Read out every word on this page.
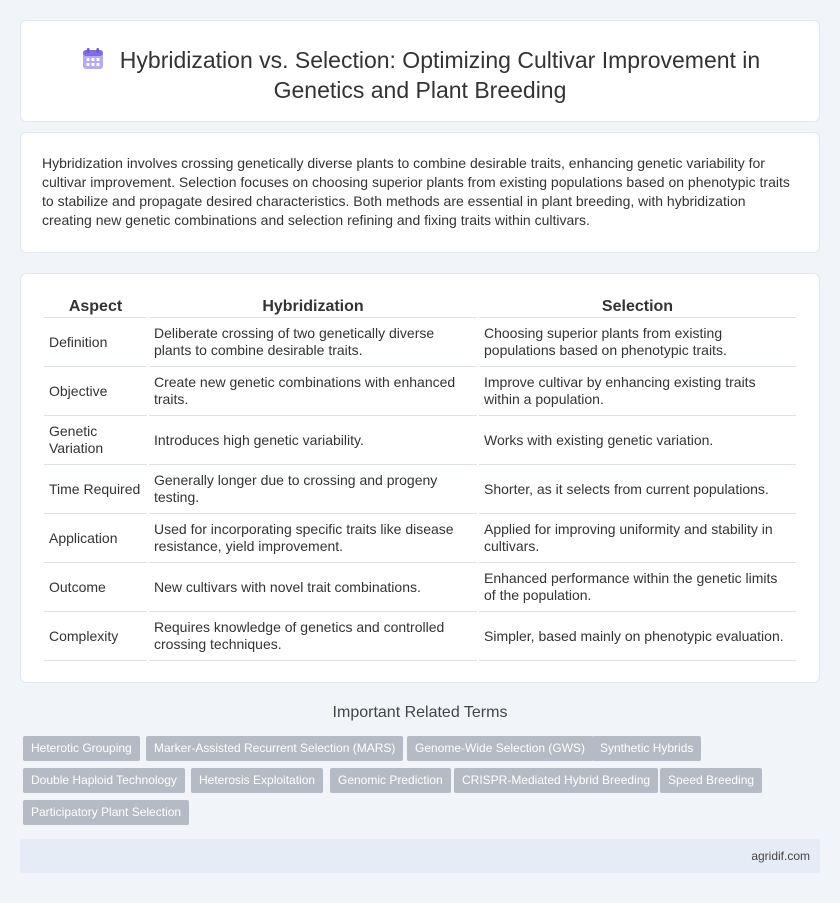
Hybridization vs. Selection: Optimizing Cultivar Improvement in Genetics and Plant Breeding

Hybridization involves crossing genetically diverse plants to combine desirable traits, enhancing genetic variability for cultivar improvement. Selection focuses on choosing superior plants from existing populations based on phenotypic traits to stabilize and propagate desired characteristics. Both methods are essential in plant breeding, with hybridization creating new genetic combinations and selection refining and fixing traits within cultivars.

Aspect	Hybridization	Selection
Definition	Deliberate crossing of two genetically diverse plants to combine desirable traits.	Choosing superior plants from existing populations based on phenotypic traits.
Objective	Create new genetic combinations with enhanced traits.	Improve cultivar by enhancing existing traits within a population.
Genetic Variation	Introduces high genetic variability.	Works with existing genetic variation.
Time Required	Generally longer due to crossing and progeny testing.	Shorter, as it selects from current populations.
Application	Used for incorporating specific traits like disease resistance, yield improvement.	Applied for improving uniformity and stability in cultivars.
Outcome	New cultivars with novel trait combinations.	Enhanced performance within the genetic limits of the population.
Complexity	Requires knowledge of genetics and controlled crossing techniques.	Simpler, based mainly on phenotypic evaluation.
Important Related Terms
Heterotic Grouping	Marker-Assisted Recurrent Selection (MARS)	Genome-Wide Selection (GWS)	Synthetic Hybrids
Double Haploid Technology	Heterosis Exploitation	Genomic Prediction	CRISPR-Mediated Hybrid Breeding	Speed Breeding
Participatory Plant Selection
agridif.com
